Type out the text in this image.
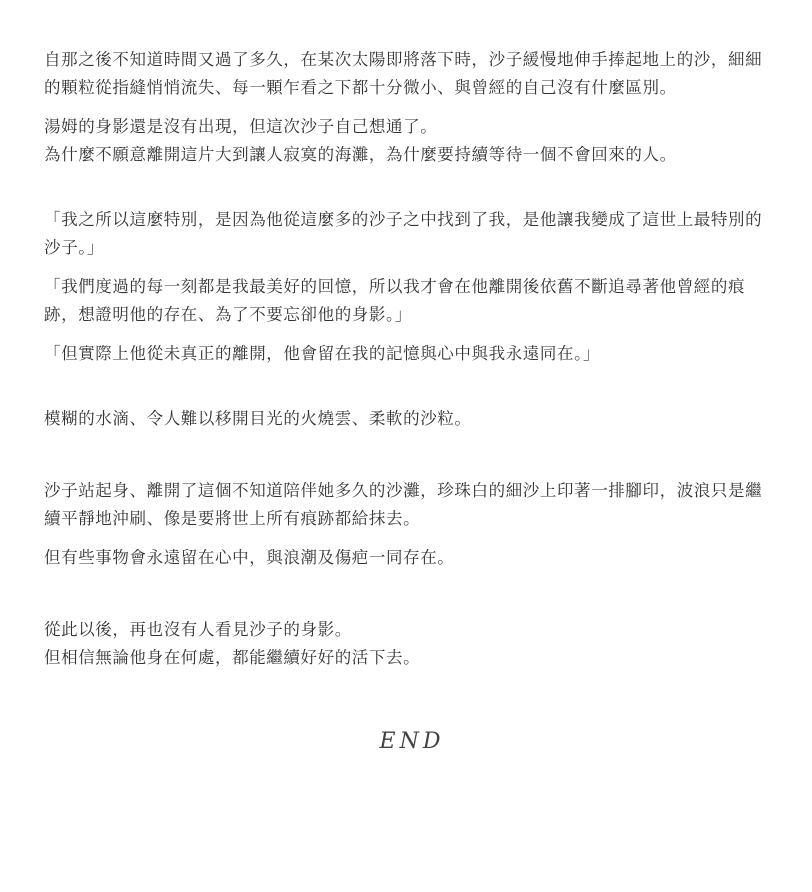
自那之後不知道時間又過了多久，在某次太陽即將落下時，沙子緩慢地伸手捧起地上的沙，細細的顆粒從指縫悄悄流失、每一顆乍看之下都十分微小、與曾經的自己沒有什麼區別。

湯姆的身影還是沒有出現，但這次沙子自己想通了。

為什麼不願意離開這片大到讓人寂寞的海灘，為什麼要持續等待一個不會回來的人。

「我之所以這麼特別，是因為他從這麼多的沙子之中找到了我，是他讓我變成了這世上最特別的沙子。」

「我們度過的每一刻都是我最美好的回憶，所以我才會在他離開後依舊不斷追尋著他曾經的痕跡，想證明他的存在、為了不要忘卻他的身影。」

「但實際上他從未真正的離開，他會留在我的記憶與心中與我永遠同在。」

模糊的水滴、令人難以移開目光的火燒雲、柔軟的沙粒。

沙子站起身、離開了這個不知道陪伴她多久的沙灘，珍珠白的細沙上印著一排腳印，波浪只是繼續平靜地沖刷、像是要將世上所有痕跡都給抹去。

但有些事物會永遠留在心中，與浪潮及傷疤一同存在。

從此以後，再也沒有人看見沙子的身影。

但相信無論他身在何處，都能繼續好好的活下去。

END
